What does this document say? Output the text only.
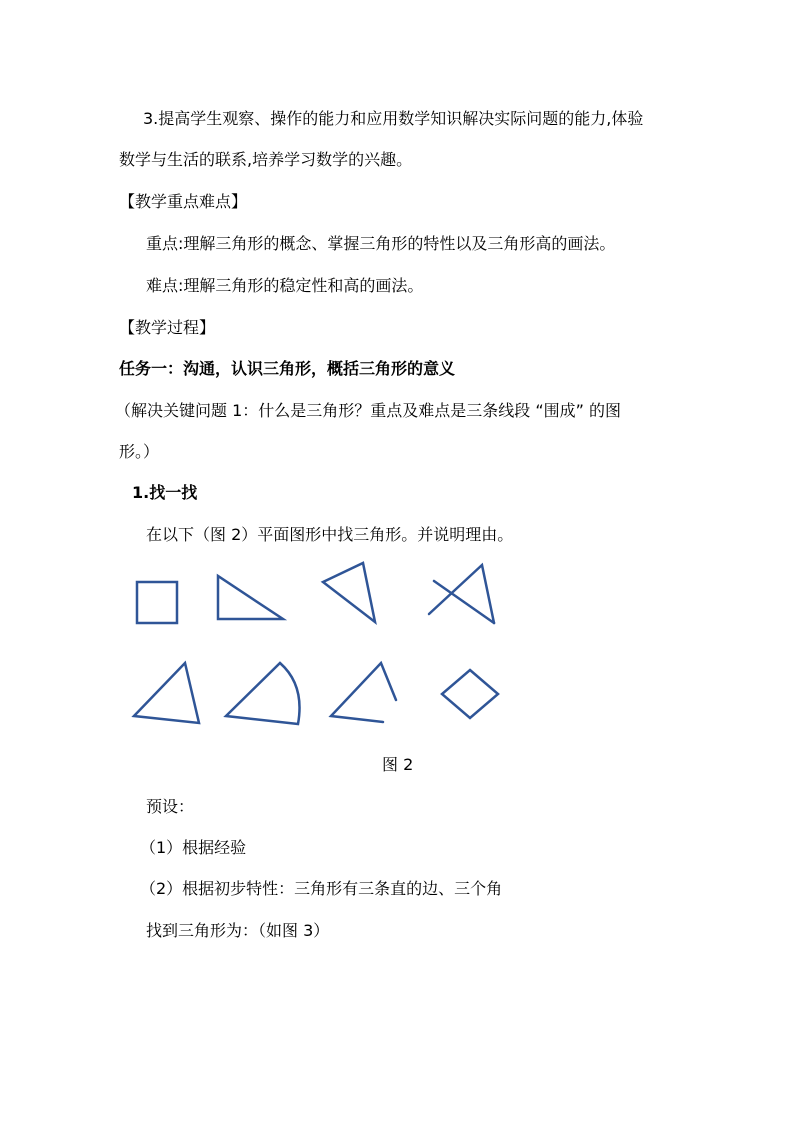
3.提高学生观察、操作的能力和应用数学知识解决实际问题的能力,体验
数学与生活的联系,培养学习数学的兴趣。
【教学重点难点】
重点:理解三角形的概念、掌握三角形的特性以及三角形高的画法。
难点:理解三角形的稳定性和高的画法。
【教学过程】
任务一：沟通，认识三角形，概括三角形的意义
（解决关键问题 1：什么是三角形？重点及难点是三条线段 “围成” 的图
形。）
1.找一找
在以下（图 2）平面图形中找三角形。并说明理由。
图 2
预设：
（1）根据经验
（2）根据初步特性：三角形有三条直的边、三个角
找到三角形为：（如图 3）
